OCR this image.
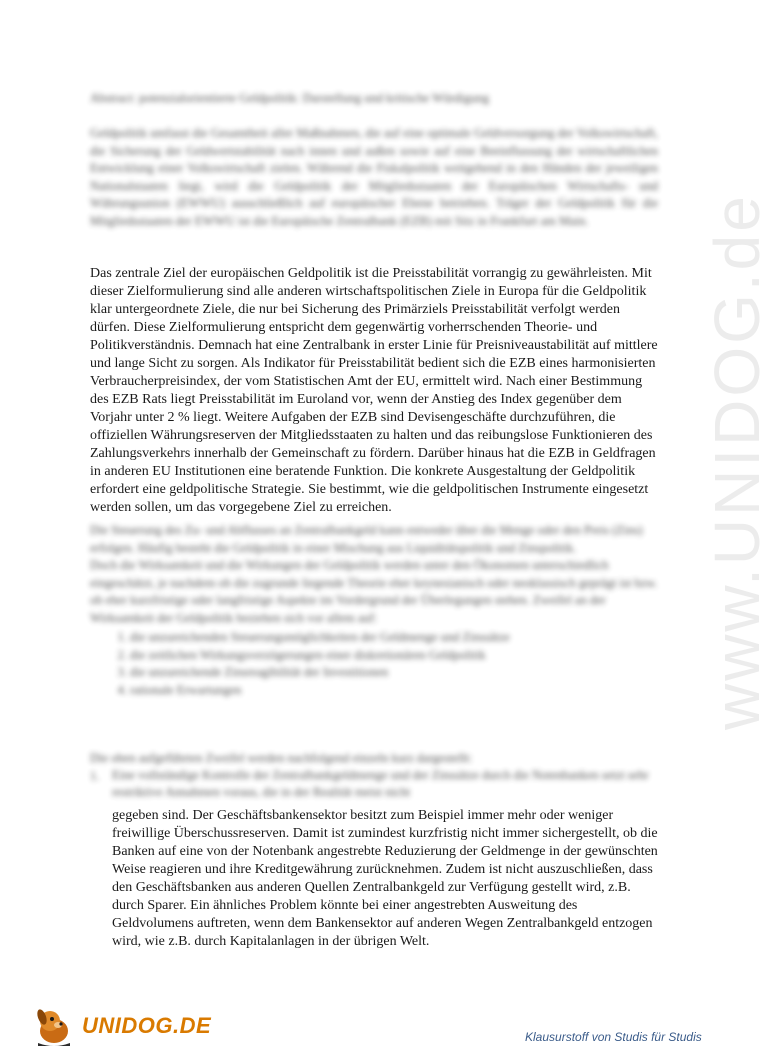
www.UNIDOG.de
Abstract: potenzialorientierte Geldpolitik: Darstellung und kritische Würdigung
Geldpolitik umfasst die Gesamtheit aller Maßnahmen, die auf eine optimale Geldversorgung der Volkswirtschaft, die Sicherung der Geldwertstabilität nach innen und außen sowie auf eine Beeinflussung der wirtschaftlichen Entwicklung einer Volkswirtschaft zielen. Während die Fiskalpolitik weitgehend in den Händen der jeweiligen Nationalstaaten liegt, wird die Geldpolitik der Mitgliedsstaaten der Europäischen Wirtschafts- und Währungsunion (EWWU) ausschließlich auf europäischer Ebene betrieben. Träger der Geldpolitik für die Mitgliedsstaaten der EWWU ist die Europäische Zentralbank (EZB) mit Sitz in Frankfurt am Main.

Das zentrale Ziel der europäischen Geldpolitik ist die Preisstabilität vorrangig zu gewährleisten. Mit dieser Zielformulierung sind alle anderen wirtschaftspolitischen Ziele in Europa für die Geldpolitik klar untergeordnete Ziele, die nur bei Sicherung des Primärziels Preisstabilität verfolgt werden dürfen. Diese Zielformulierung entspricht dem gegenwärtig vorherrschenden Theorie- und Politikverständnis. Demnach hat eine Zentralbank in erster Linie für Preisniveaustabilität auf mittlere und lange Sicht zu sorgen. Als Indikator für Preisstabilität bedient sich die EZB eines harmonisierten Verbraucherpreisindex, der vom Statistischen Amt der EU, ermittelt wird. Nach einer Bestimmung des EZB Rats liegt Preisstabilität im Euroland vor, wenn der Anstieg des Index gegenüber dem Vorjahr unter 2 % liegt. Weitere Aufgaben der EZB sind Devisengeschäfte durchzuführen, die offiziellen Währungsreserven der Mitgliedsstaaten zu halten und das reibungslose Funktionieren des Zahlungsverkehrs innerhalb der Gemeinschaft zu fördern. Darüber hinaus hat die EZB in Geldfragen in anderen EU Institutionen eine beratende Funktion. Die konkrete Ausgestaltung der Geldpolitik erfordert eine geldpolitische Strategie. Sie bestimmt, wie die geldpolitischen Instrumente eingesetzt werden sollen, um das vorgegebene Ziel zu erreichen.

Die Steuerung des Zu- und Abflusses an Zentralbankgeld kann entweder über die Menge oder den Preis (Zins) erfolgen. Häufig besteht die Geldpolitik in einer Mischung aus Liquiditätspolitik und Zinspolitik.
Doch die Wirksamkeit und die Wirkungen der Geldpolitik werden unter den Ökonomen unterschiedlich eingeschätzt, je nachdem ob die zugrunde liegende Theorie eher keynesianisch oder neoklassisch geprägt ist bzw. ob eher kurzfristige oder langfristige Aspekte im Vordergrund der Überlegungen stehen. Zweifel an der Wirksamkeit der Geldpolitik beziehen sich vor allem auf:
1. die unzureichenden Steuerungsmöglichkeiten der Geldmenge und Zinssätze
2. die zeitlichen Wirkungsverzögerungen einer diskretionären Geldpolitik
3. die unzureichende Zinsreagibilität der Investitionen
4. rationale Erwartungen
Die oben aufgeführten Zweifel werden nachfolgend einzeln kurz dargestellt:
1.	Eine vollständige Kontrolle der Zentralbankgeldmenge und der Zinssätze durch die Notenbanken setzt sehr restriktive Annahmen voraus, die in der Realität meist nicht

gegeben sind. Der Geschäftsbankensektor besitzt zum Beispiel immer mehr oder weniger freiwillige Überschussreserven. Damit ist zumindest kurzfristig nicht immer sichergestellt, ob die Banken auf eine von der Notenbank angestrebte Reduzierung der Geldmenge in der gewünschten Weise reagieren und ihre Kreditgewährung zurücknehmen. Zudem ist nicht auszuschließen, dass den Geschäftsbanken aus anderen Quellen Zentralbankgeld zur Verfügung gestellt wird, z.B. durch Sparer. Ein ähnliches Problem könnte bei einer angestrebten Ausweitung des Geldvolumens auftreten, wenn dem Bankensektor auf anderen Wegen Zentralbankgeld entzogen wird, wie z.B. durch Kapitalanlagen in der übrigen Welt.

UNIDOG.DE	Klausurstoff von Studis für Studis
